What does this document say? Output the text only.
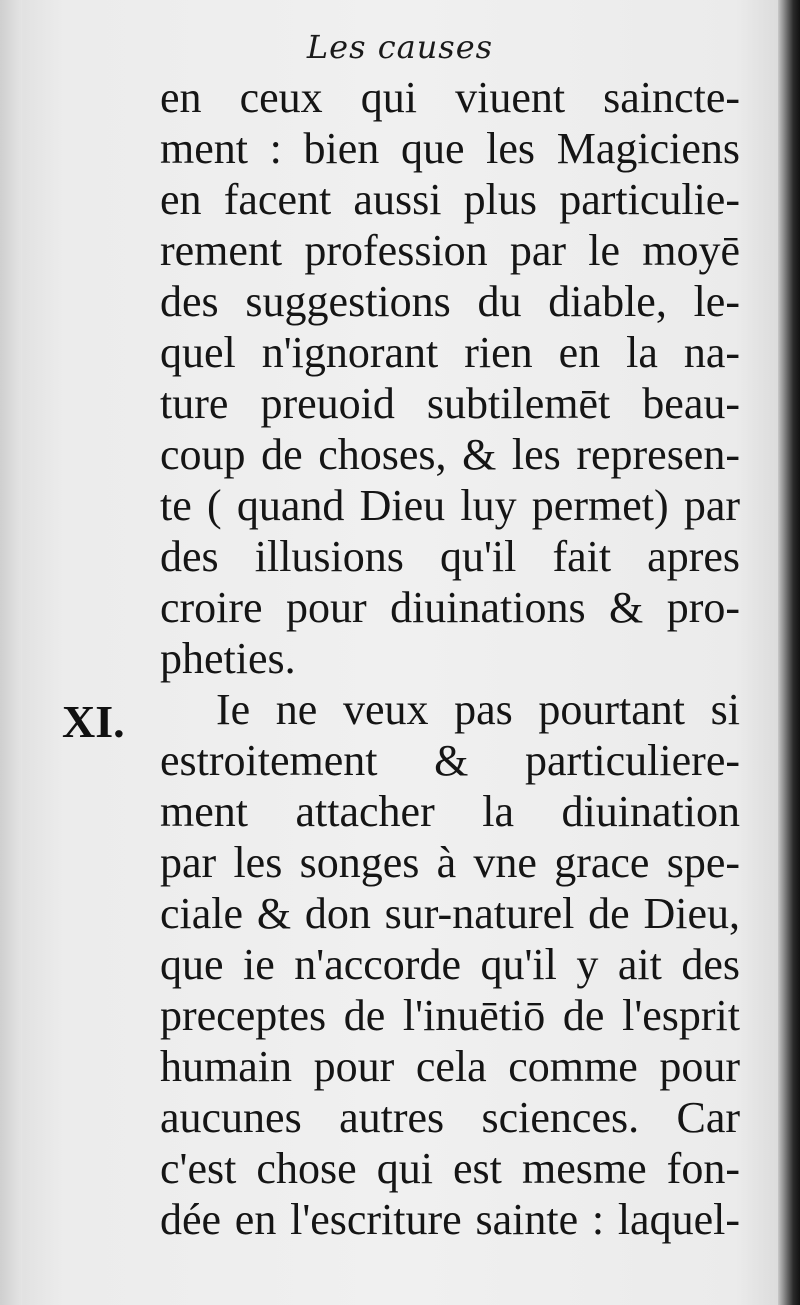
Les causes
en ceux qui viuent saincte-
ment : bien que les Magiciens
en facent aussi plus particulie-
rement profession par le moyē
des suggestions du diable, le-
quel n'ignorant rien en la na-
ture preuoid subtilemēt beau-
coup de choses, & les represen-
te ( quand Dieu luy permet) par
des illusions qu'il fait apres
croire pour diuinations & pro-
pheties.
Ie ne veux pas pourtant si
estroitement & particuliere-
ment attacher la diuination
par les songes à vne grace spe-
ciale & don sur-naturel de Dieu,
que ie n'accorde qu'il y ait des
preceptes de l'inuētiō de l'esprit
humain pour cela comme pour
aucunes autres sciences. Car
c'est chose qui est mesme fon-
dée en l'escriture sainte : laquel-
XI.
